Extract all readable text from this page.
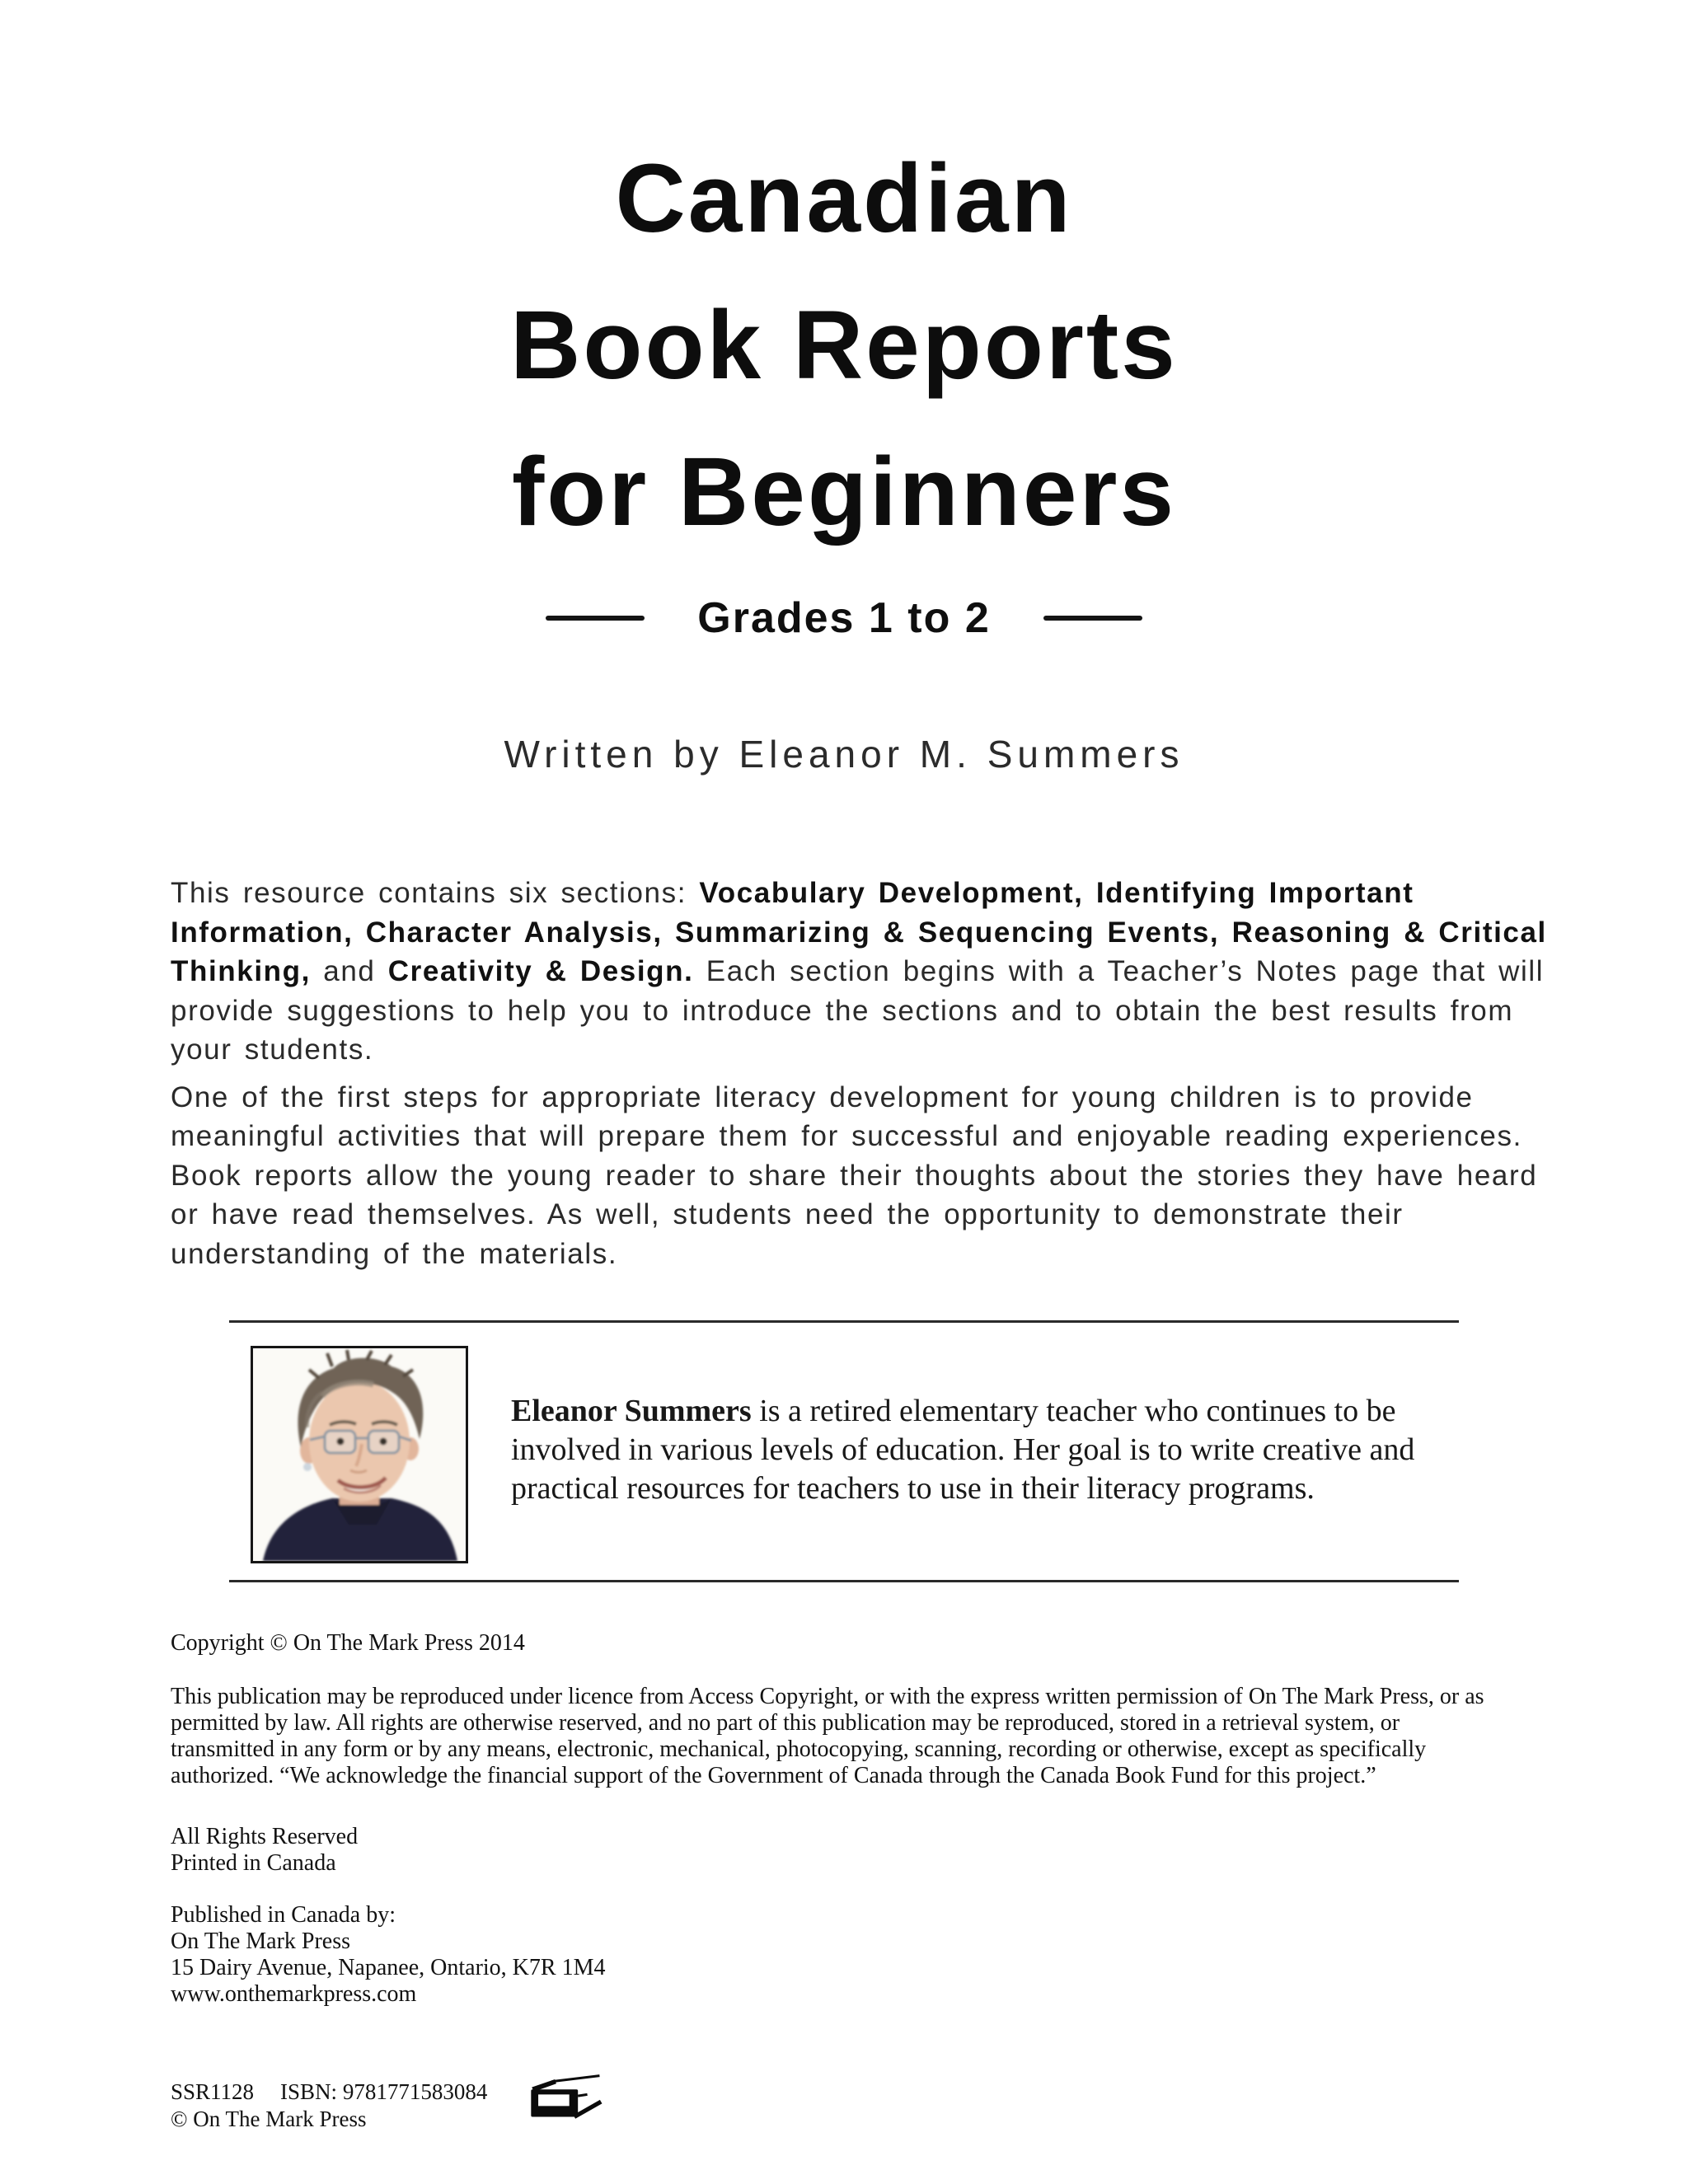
Canadian
Book Reports
for Beginners
Grades 1 to 2
Written by Eleanor M. Summers

This resource contains six sections: Vocabulary Development, Identifying Important Information, Character Analysis, Summarizing & Sequencing Events, Reasoning & Critical Thinking, and Creativity & Design. Each section begins with a Teacher’s Notes page that will provide suggestions to help you to introduce the sections and to obtain the best results from your students.

One of the first steps for appropriate literacy development for young children is to provide meaningful activities that will prepare them for successful and enjoyable reading experiences. Book reports allow the young reader to share their thoughts about the stories they have heard or have read themselves. As well, students need the opportunity to demonstrate their understanding of the materials.

Eleanor Summers is a retired elementary teacher who continues to be involved in various levels of education. Her goal is to write creative and practical resources for teachers to use in their literacy programs.

Copyright © On The Mark Press 2014

This publication may be reproduced under licence from Access Copyright, or with the express written permission of On The Mark Press, or as permitted by law. All rights are otherwise reserved, and no part of this publication may be reproduced, stored in a retrieval system, or transmitted in any form or by any means, electronic, mechanical, photocopying, scanning, recording or otherwise, except as specifically authorized. “We acknowledge the financial support of the Government of Canada through the Canada Book Fund for this project.”

All Rights Reserved
Printed in Canada
Published in Canada by:
On The Mark Press
15 Dairy Avenue, Napanee, Ontario, K7R 1M4
www.onthemarkpress.com
SSR1128 ISBN: 9781771583084
© On The Mark Press
